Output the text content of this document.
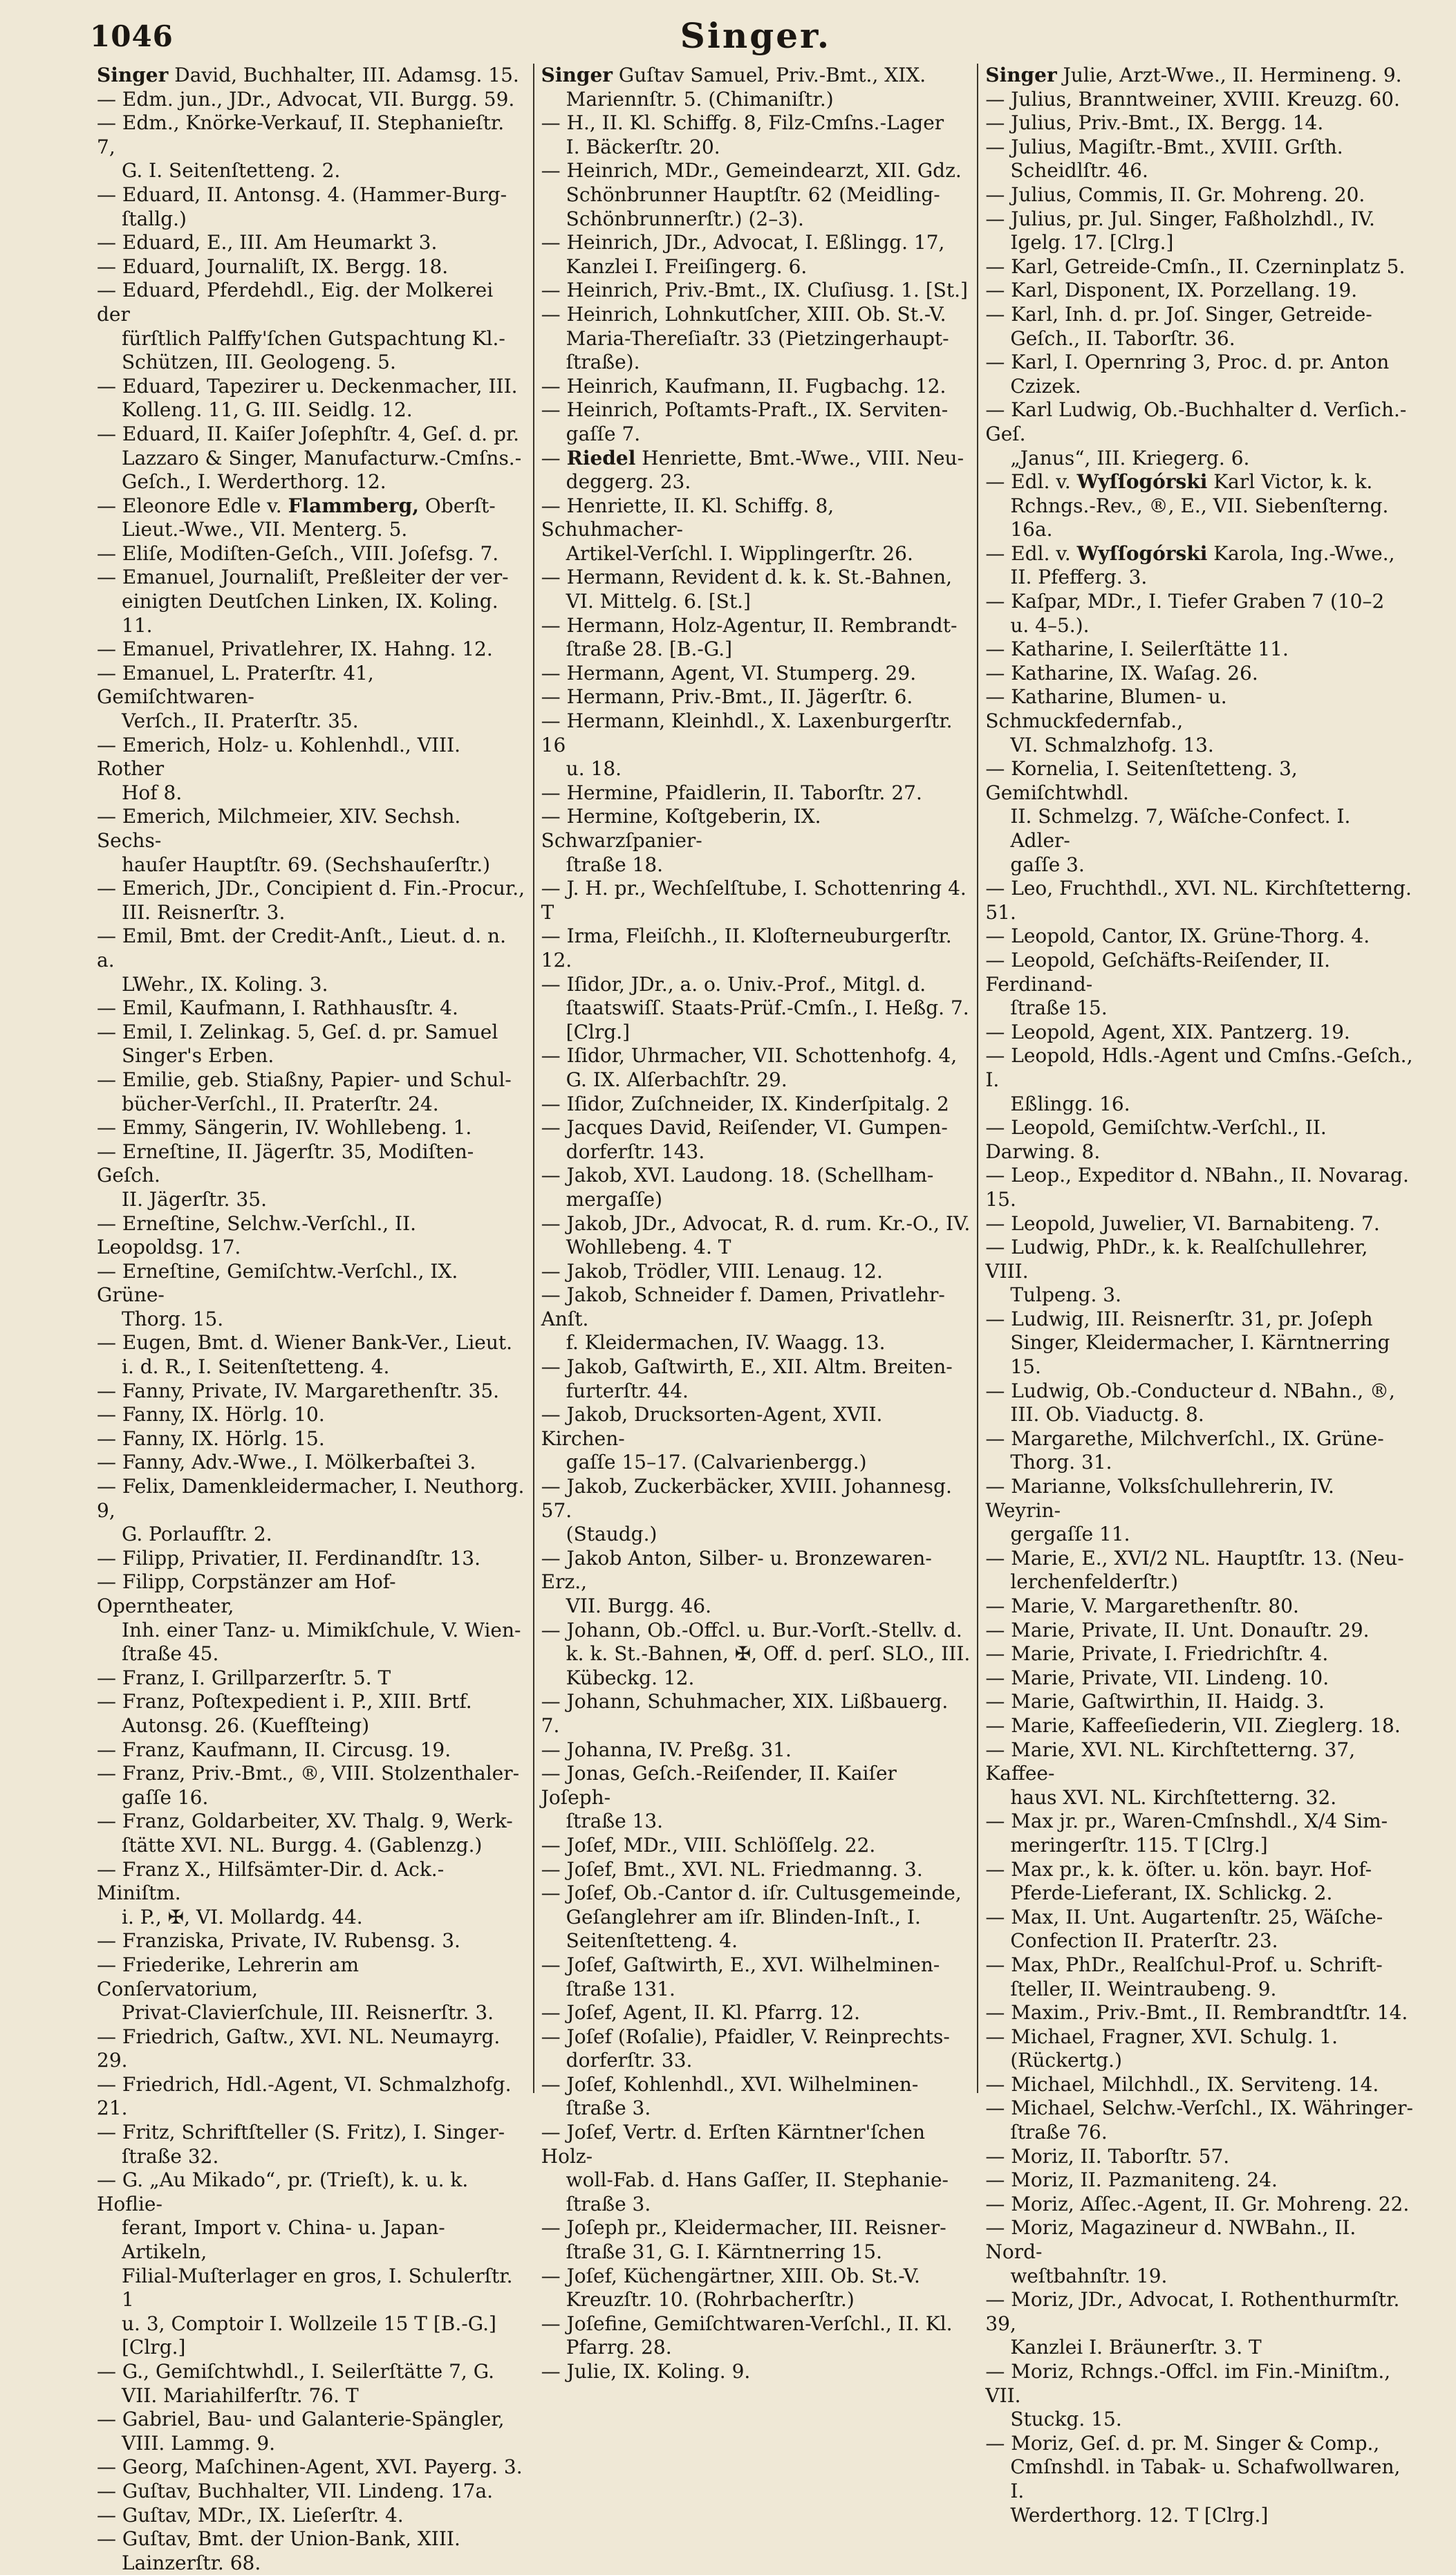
1046	Singer.
Singer David, Buchhalter, III. Adamsg. 15.
— Edm. jun., JDr., Advocat, VII. Burgg. 59.
— Edm., Knörke-Verkauf, II. Stephanieſtr. 7,
G. I. Seitenſtetteng. 2.
— Eduard, II. Antonsg. 4. (Hammer-Burg-
ſtallg.)
— Eduard, E., III. Am Heumarkt 3.
— Eduard, Journaliſt, IX. Bergg. 18.
— Eduard, Pferdehdl., Eig. der Molkerei der
fürſtlich Palffy'ſchen Gutspachtung Kl.-
Schützen, III. Geologeng. 5.
— Eduard, Tapezirer u. Deckenmacher, III.
Kolleng. 11, G. III. Seidlg. 12.
— Eduard, II. Kaiſer Joſephſtr. 4, Geſ. d. pr.
Lazzaro & Singer, Manufacturw.-Cmſns.-
Geſch., I. Werderthorg. 12.
— Eleonore Edle v. Flammberg, Oberſt-
Lieut.-Wwe., VII. Menterg. 5.
— Eliſe, Modiſten-Geſch., VIII. Joſefsg. 7.
— Emanuel, Journaliſt, Preßleiter der ver-
einigten Deutſchen Linken, IX. Koling. 11.
— Emanuel, Privatlehrer, IX. Hahng. 12.
— Emanuel, L. Praterſtr. 41, Gemiſchtwaren-
Verſch., II. Praterſtr. 35.
— Emerich, Holz- u. Kohlenhdl., VIII. Rother
Hof 8.
— Emerich, Milchmeier, XIV. Sechsh. Sechs-
hauſer Hauptſtr. 69. (Sechshauſerſtr.)
— Emerich, JDr., Concipient d. Fin.-Procur.,
III. Reisnerſtr. 3.
— Emil, Bmt. der Credit-Anſt., Lieut. d. n. a.
LWehr., IX. Koling. 3.
— Emil, Kaufmann, I. Rathhausſtr. 4.
— Emil, I. Zelinkag. 5, Geſ. d. pr. Samuel
Singer's Erben.
— Emilie, geb. Stiaßny, Papier- und Schul-
bücher-Verſchl., II. Praterſtr. 24.
— Emmy, Sängerin, IV. Wohllebeng. 1.
— Erneſtine, II. Jägerſtr. 35, Modiſten-Geſch.
II. Jägerſtr. 35.
— Erneſtine, Selchw.-Verſchl., II. Leopoldsg. 17.
— Erneſtine, Gemiſchtw.-Verſchl., IX. Grüne-
Thorg. 15.
— Eugen, Bmt. d. Wiener Bank-Ver., Lieut.
i. d. R., I. Seitenſtetteng. 4.
— Fanny, Private, IV. Margarethenſtr. 35.
— Fanny, IX. Hörlg. 10.
— Fanny, IX. Hörlg. 15.
— Fanny, Adv.-Wwe., I. Mölkerbaſtei 3.
— Felix, Damenkleidermacher, I. Neuthorg. 9,
G. Porlaufſtr. 2.
— Filipp, Privatier, II. Ferdinandſtr. 13.
— Filipp, Corpstänzer am Hof-Operntheater,
Inh. einer Tanz- u. Mimikſchule, V. Wien-
ſtraße 45.
— Franz, I. Grillparzerſtr. 5. T
— Franz, Poſtexpedient i. P., XIII. Brtf.
Autonsg. 26. (Kuefſteing)
— Franz, Kaufmann, II. Circusg. 19.
— Franz, Priv.-Bmt., ®, VIII. Stolzenthaler-
gaſſe 16.
— Franz, Goldarbeiter, XV. Thalg. 9, Werk-
ſtätte XVI. NL. Burgg. 4. (Gablenzg.)
— Franz X., Hilfsämter-Dir. d. Ack.-Miniſtm.
i. P., ✠, VI. Mollardg. 44.
— Franziska, Private, IV. Rubensg. 3.
— Friederike, Lehrerin am Conſervatorium,
Privat-Clavierſchule, III. Reisnerſtr. 3.
— Friedrich, Gaſtw., XVI. NL. Neumayrg. 29.
— Friedrich, Hdl.-Agent, VI. Schmalzhofg. 21.
— Fritz, Schriftſteller (S. Fritz), I. Singer-
ſtraße 32.
— G. „Au Mikado“, pr. (Trieſt), k. u. k. Hoflie-
ferant, Import v. China- u. Japan-Artikeln,
Filial-Muſterlager en gros, I. Schulerſtr. 1
u. 3, Comptoir I. Wollzeile 15 T [B.-G.] [Clrg.]
— G., Gemiſchtwhdl., I. Seilerſtätte 7, G.
VII. Mariahilferſtr. 76. T
— Gabriel, Bau- und Galanterie-Spängler,
VIII. Lammg. 9.
— Georg, Maſchinen-Agent, XVI. Payerg. 3.
— Guſtav, Buchhalter, VII. Lindeng. 17a.
— Guſtav, MDr., IX. Lieſerſtr. 4.
— Guſtav, Bmt. der Union-Bank, XIII.
Lainzerſtr. 68.
Singer Guſtav Samuel, Priv.-Bmt., XIX.
Mariennſtr. 5. (Chimaniſtr.)
— H., II. Kl. Schiffg. 8, Filz-Cmſns.-Lager
I. Bäckerſtr. 20.
— Heinrich, MDr., Gemeindearzt, XII. Gdz.
Schönbrunner Hauptſtr. 62 (Meidling-
Schönbrunnerſtr.) (2–3).
— Heinrich, JDr., Advocat, I. Eßlingg. 17,
Kanzlei I. Freiſingerg. 6.
— Heinrich, Priv.-Bmt., IX. Cluſiusg. 1. [St.]
— Heinrich, Lohnkutſcher, XIII. Ob. St.-V.
Maria-Thereſiaſtr. 33 (Pietzingerhaupt-
ſtraße).
— Heinrich, Kaufmann, II. Fugbachg. 12.
— Heinrich, Poſtamts-Praft., IX. Serviten-
gaſſe 7.
— Riedel Henriette, Bmt.-Wwe., VIII. Neu-
deggerg. 23.
— Henriette, II. Kl. Schiffg. 8, Schuhmacher-
Artikel-Verſchl. I. Wipplingerſtr. 26.
— Hermann, Revident d. k. k. St.-Bahnen,
VI. Mittelg. 6. [St.]
— Hermann, Holz-Agentur, II. Rembrandt-
ſtraße 28. [B.-G.]
— Hermann, Agent, VI. Stumperg. 29.
— Hermann, Priv.-Bmt., II. Jägerſtr. 6.
— Hermann, Kleinhdl., X. Laxenburgerſtr. 16
u. 18.
— Hermine, Pfaidlerin, II. Taborſtr. 27.
— Hermine, Koſtgeberin, IX. Schwarzſpanier-
ſtraße 18.
— J. H. pr., Wechſelſtube, I. Schottenring 4. T
— Irma, Fleiſchh., II. Kloſterneuburgerſtr. 12.
— Iſidor, JDr., a. o. Univ.-Prof., Mitgl. d.
ſtaatswiſſ. Staats-Prüf.-Cmſn., I. Heßg. 7.
[Clrg.]
— Iſidor, Uhrmacher, VII. Schottenhofg. 4,
G. IX. Alſerbachſtr. 29.
— Iſidor, Zuſchneider, IX. Kinderſpitalg. 2
— Jacques David, Reiſender, VI. Gumpen-
dorferſtr. 143.
— Jakob, XVI. Laudong. 18. (Schellham-
mergaſſe)
— Jakob, JDr., Advocat, R. d. rum. Kr.-O., IV.
Wohllebeng. 4. T
— Jakob, Trödler, VIII. Lenaug. 12.
— Jakob, Schneider f. Damen, Privatlehr-Anſt.
f. Kleidermachen, IV. Waagg. 13.
— Jakob, Gaſtwirth, E., XII. Altm. Breiten-
furterſtr. 44.
— Jakob, Drucksorten-Agent, XVII. Kirchen-
gaſſe 15–17. (Calvarienbergg.)
— Jakob, Zuckerbäcker, XVIII. Johannesg. 57.
(Staudg.)
— Jakob Anton, Silber- u. Bronzewaren-Erz.,
VII. Burgg. 46.
— Johann, Ob.-Offcl. u. Bur.-Vorſt.-Stellv. d.
k. k. St.-Bahnen, ✠, Off. d. perſ. SLO., III.
Kübeckg. 12.
— Johann, Schuhmacher, XIX. Lißbauerg. 7.
— Johanna, IV. Preßg. 31.
— Jonas, Geſch.-Reiſender, II. Kaiſer Joſeph-
ſtraße 13.
— Joſef, MDr., VIII. Schlöſſelg. 22.
— Joſef, Bmt., XVI. NL. Friedmanng. 3.
— Joſef, Ob.-Cantor d. iſr. Cultusgemeinde,
Geſanglehrer am iſr. Blinden-Inſt., I.
Seitenſtetteng. 4.
— Joſef, Gaſtwirth, E., XVI. Wilhelminen-
ſtraße 131.
— Joſef, Agent, II. Kl. Pfarrg. 12.
— Joſef (Roſalie), Pfaidler, V. Reinprechts-
dorferſtr. 33.
— Joſef, Kohlenhdl., XVI. Wilhelminen-
ſtraße 3.
— Joſef, Vertr. d. Erſten Kärntner'ſchen Holz-
woll-Fab. d. Hans Gaſſer, II. Stephanie-
ſtraße 3.
— Joſeph pr., Kleidermacher, III. Reisner-
ſtraße 31, G. I. Kärntnerring 15.
— Joſef, Küchengärtner, XIII. Ob. St.-V.
Kreuzſtr. 10. (Rohrbacherſtr.)
— Joſefine, Gemiſchtwaren-Verſchl., II. Kl.
Pfarrg. 28.
— Julie, IX. Koling. 9.
Singer Julie, Arzt-Wwe., II. Hermineng. 9.
— Julius, Branntweiner, XVIII. Kreuzg. 60.
— Julius, Priv.-Bmt., IX. Bergg. 14.
— Julius, Magiſtr.-Bmt., XVIII. Grſth.
Scheidlſtr. 46.
— Julius, Commis, II. Gr. Mohreng. 20.
— Julius, pr. Jul. Singer, Faßholzhdl., IV.
Igelg. 17. [Clrg.]
— Karl, Getreide-Cmſn., II. Czerninplatz 5.
— Karl, Disponent, IX. Porzellang. 19.
— Karl, Inh. d. pr. Joſ. Singer, Getreide-
Geſch., II. Taborſtr. 36.
— Karl, I. Opernring 3, Proc. d. pr. Anton
Czizek.
— Karl Ludwig, Ob.-Buchhalter d. Verſich.-Geſ.
„Janus“, III. Kriegerg. 6.
— Edl. v. Wyſſogórski Karl Victor, k. k.
Rchngs.-Rev., ®, E., VII. Siebenſterng. 16a.
— Edl. v. Wyſſogórski Karola, Ing.-Wwe.,
II. Pfefferg. 3.
— Kaſpar, MDr., I. Tiefer Graben 7 (10–2
u. 4–5.).
— Katharine, I. Seilerſtätte 11.
— Katharine, IX. Waſag. 26.
— Katharine, Blumen- u. Schmuckfedernfab.,
VI. Schmalzhofg. 13.
— Kornelia, I. Seitenſtetteng. 3, Gemiſchtwhdl.
II. Schmelzg. 7, Wäſche-Confect. I. Adler-
gaſſe 3.
— Leo, Fruchthdl., XVI. NL. Kirchſtetterng. 51.
— Leopold, Cantor, IX. Grüne-Thorg. 4.
— Leopold, Geſchäfts-Reiſender, II. Ferdinand-
ſtraße 15.
— Leopold, Agent, XIX. Pantzerg. 19.
— Leopold, Hdls.-Agent und Cmſns.-Geſch., I.
Eßlingg. 16.
— Leopold, Gemiſchtw.-Verſchl., II. Darwing. 8.
— Leop., Expeditor d. NBahn., II. Novarag. 15.
— Leopold, Juwelier, VI. Barnabiteng. 7.
— Ludwig, PhDr., k. k. Realſchullehrer, VIII.
Tulpeng. 3.
— Ludwig, III. Reisnerſtr. 31, pr. Joſeph
Singer, Kleidermacher, I. Kärntnerring 15.
— Ludwig, Ob.-Conducteur d. NBahn., ®,
III. Ob. Viaductg. 8.
— Margarethe, Milchverſchl., IX. Grüne-
Thorg. 31.
— Marianne, Volksſchullehrerin, IV. Weyrin-
gergaſſe 11.
— Marie, E., XVI/2 NL. Hauptſtr. 13. (Neu-
lerchenfelderſtr.)
— Marie, V. Margarethenſtr. 80.
— Marie, Private, II. Unt. Donauſtr. 29.
— Marie, Private, I. Friedrichſtr. 4.
— Marie, Private, VII. Lindeng. 10.
— Marie, Gaſtwirthin, II. Haidg. 3.
— Marie, Kaffeeſiederin, VII. Zieglerg. 18.
— Marie, XVI. NL. Kirchſtetterng. 37, Kaffee-
haus XVI. NL. Kirchſtetterng. 32.
— Max jr. pr., Waren-Cmſnshdl., X/4 Sim-
meringerſtr. 115. T [Clrg.]
— Max pr., k. k. öſter. u. kön. bayr. Hof-
Pferde-Lieferant, IX. Schlickg. 2.
— Max, II. Unt. Augartenſtr. 25, Wäſche-
Confection II. Praterſtr. 23.
— Max, PhDr., Realſchul-Prof. u. Schrift-
ſteller, II. Weintraubeng. 9.
— Maxim., Priv.-Bmt., II. Rembrandtſtr. 14.
— Michael, Fragner, XVI. Schulg. 1.
(Rückertg.)
— Michael, Milchhdl., IX. Serviteng. 14.
— Michael, Selchw.-Verſchl., IX. Währinger-
ſtraße 76.
— Moriz, II. Taborſtr. 57.
— Moriz, II. Pazmaniteng. 24.
— Moriz, Aſſec.-Agent, II. Gr. Mohreng. 22.
— Moriz, Magazineur d. NWBahn., II. Nord-
weſtbahnſtr. 19.
— Moriz, JDr., Advocat, I. Rothenthurmſtr. 39,
Kanzlei I. Bräunerſtr. 3. T
— Moriz, Rchngs.-Offcl. im Fin.-Miniſtm., VII.
Stuckg. 15.
— Moriz, Geſ. d. pr. M. Singer & Comp.,
Cmſnshdl. in Tabak- u. Schafwollwaren, I.
Werderthorg. 12. T [Clrg.]
